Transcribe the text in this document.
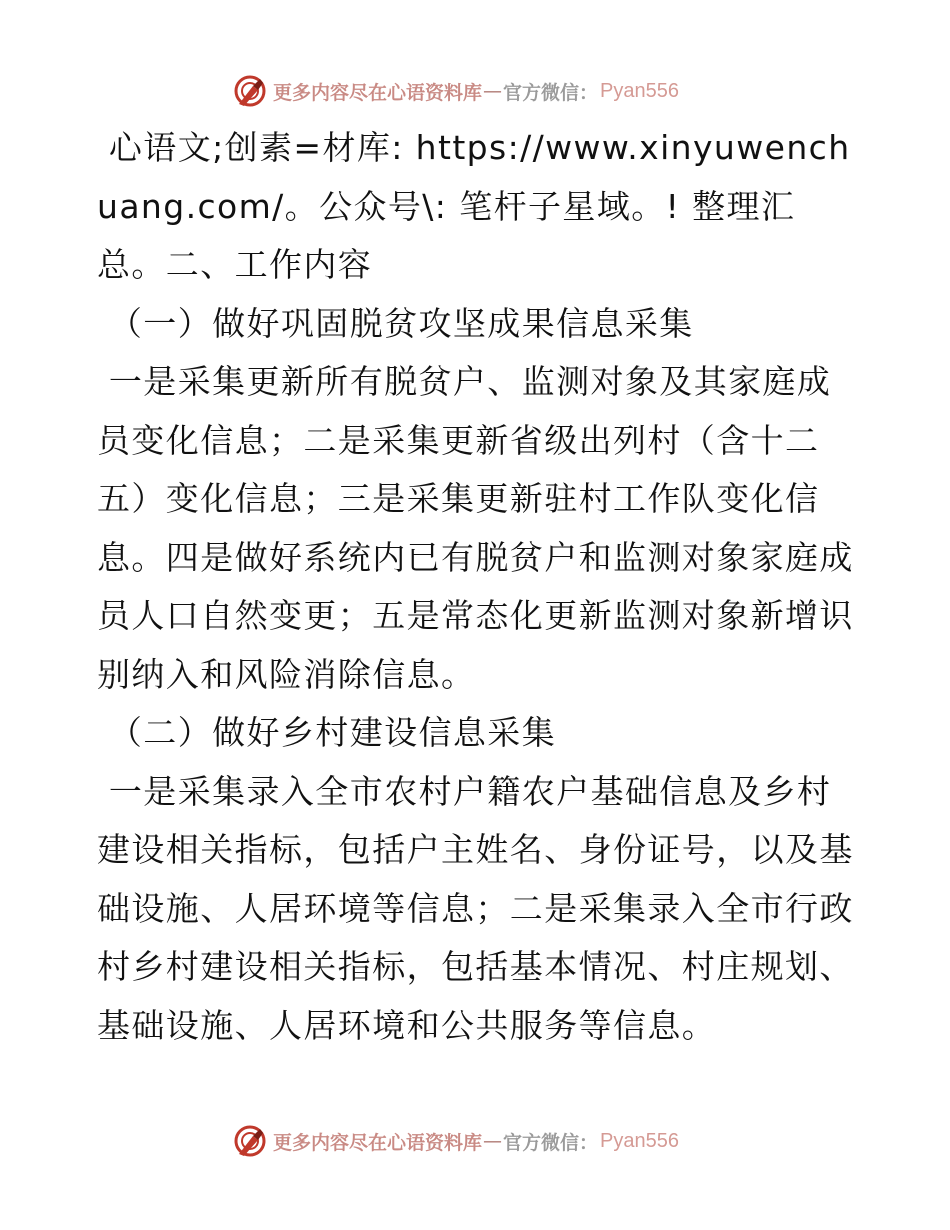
更多内容尽在心语资料库 — 官方微信： Pyan556

心语文;创素=材库: https://www.xinyuwenchuang.com/。公众号\: 笔杆子星域。! 整理汇总。二、工作内容

（一）做好巩固脱贫攻坚成果信息采集

一是采集更新所有脱贫户、监测对象及其家庭成员变化信息；二是采集更新省级出列村（含十二五）变化信息；三是采集更新驻村工作队变化信息。四是做好系统内已有脱贫户和监测对象家庭成员人口自然变更；五是常态化更新监测对象新增识别纳入和风险消除信息。

（二）做好乡村建设信息采集

一是采集录入全市农村户籍农户基础信息及乡村建设相关指标，包括户主姓名、身份证号，以及基础设施、人居环境等信息；二是采集录入全市行政村乡村建设相关指标，包括基本情况、村庄规划、基础设施、人居环境和公共服务等信息。

更多内容尽在心语资料库 — 官方微信： Pyan556
